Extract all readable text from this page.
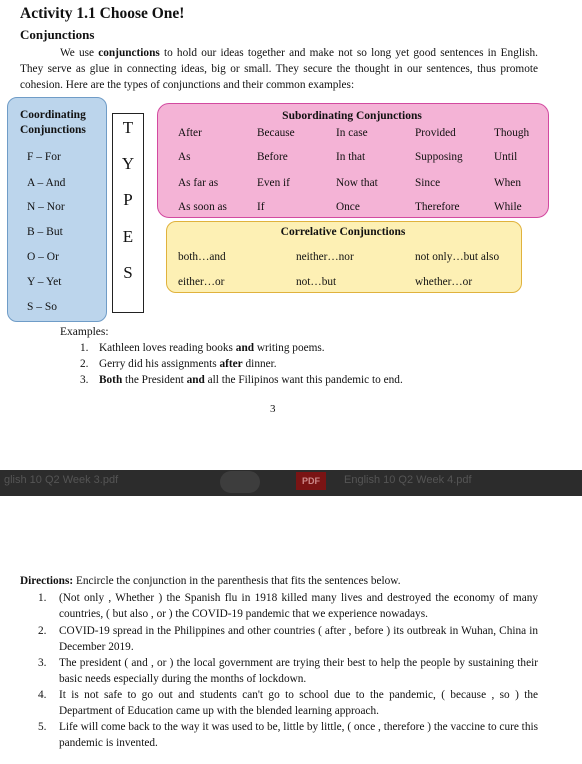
Activity 1.1 Choose One!
Conjunctions
We use conjunctions to hold our ideas together and make not so long yet good sentences in English. They serve as glue in connecting ideas, big or small. They secure the thought in our sentences, thus promote cohesion. Here are the types of conjunctions and their common examples:
Coordinating
Conjunctions
F – For
A – And
N – Nor
B – But
O – Or
Y – Yet
S – So
T
Y
P
E
S
Subordinating Conjunctions
After	Because	In case	Provided	Though
As	Before	In that	Supposing	Until
As far as	Even if	Now that	Since	When
As soon as	If	Once	Therefore	While
Correlative Conjunctions
both…and	neither…nor	not only…but also
either…or	not…but	whether…or
Examples:
1. Kathleen loves reading books and writing poems.
2. Gerry did his assignments after dinner.
3. Both the President and all the Filipinos want this pandemic to end.
3
glish 10 Q2 Week 3.pdf	PDF	English 10 Q2 Week 4.pdf
Directions: Encircle the conjunction in the parenthesis that fits the sentences below.
1. (Not only , Whether ) the Spanish flu in 1918 killed many lives and destroyed the economy of many countries, ( but also , or ) the COVID-19 pandemic that we experience nowadays.
2. COVID-19 spread in the Philippines and other countries ( after , before ) its outbreak in Wuhan, China in December 2019.
3. The president ( and , or ) the local government are trying their best to help the people by sustaining their basic needs especially during the months of lockdown.
4. It is not safe to go out and students can't go to school due to the pandemic, ( because , so ) the Department of Education came up with the blended learning approach.
5. Life will come back to the way it was used to be, little by little, ( once , therefore ) the vaccine to cure this pandemic is invented.
